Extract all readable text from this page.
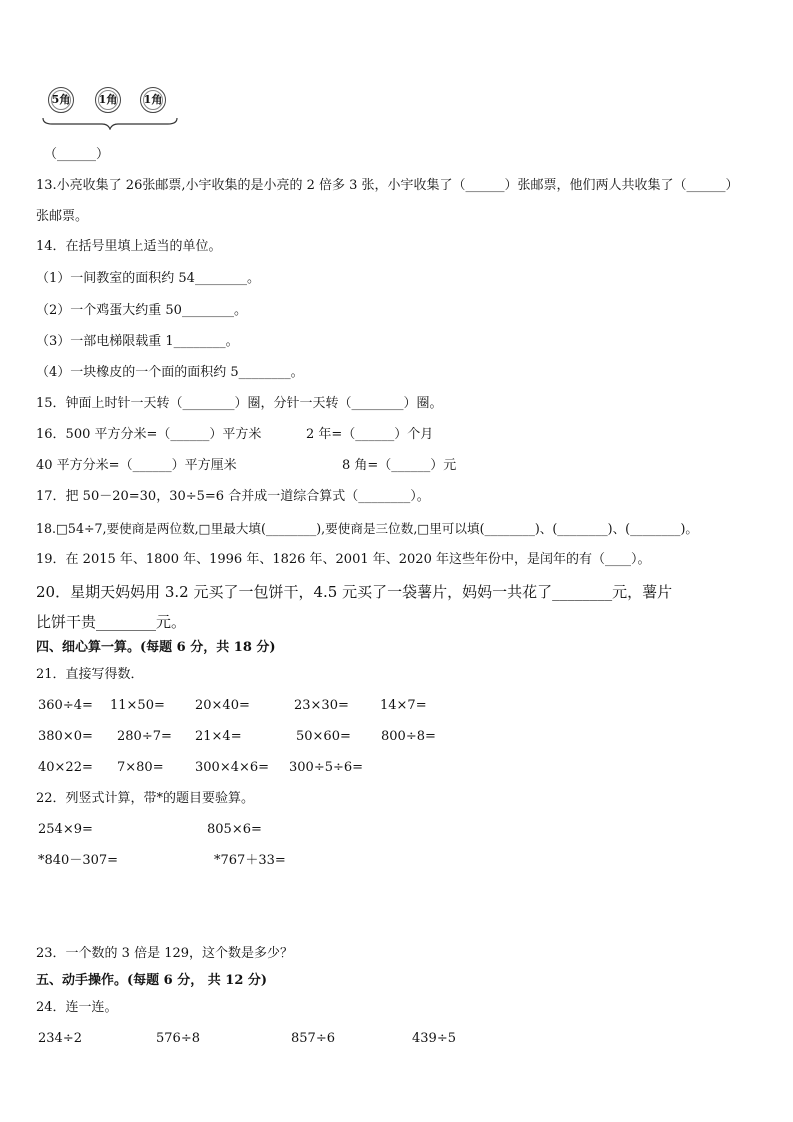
5角	1角	1角
（______）
13.小亮收集了 26张邮票,小宇收集的是小亮的 2 倍多 3 张，小宇收集了（______）张邮票，他们两人共收集了（______）
张邮票。
14．在括号里填上适当的单位。
（1）一间教室的面积约 54________。
（2）一个鸡蛋大约重 50________。
（3）一部电梯限载重 1________。
（4）一块橡皮的一个面的面积约 5________。
15．钟面上时针一天转（________）圈，分针一天转（________）圈。
16．500 平方分米=（______）平方米	2 年=（______）个月
40 平方分米=（______）平方厘米	8 角=（______）元
17．把 50－20=30，30÷5=6 合并成一道综合算式（________）。
18.□54÷7,要使商是两位数,□里最大填(________),要使商是三位数,□里可以填(________)、(________)、(________)。
19．在 2015 年、1800 年、1996 年、1826 年、2001 年、2020 年这些年份中，是闰年的有（____）。
20．星期天妈妈用 3.2 元买了一包饼干，4.5 元买了一袋薯片，妈妈一共花了________元，薯片
比饼干贵________元。
四、细心算一算。(每题 6 分，共 18 分)
21．直接写得数．
360÷4= 11×50= 20×40=	23×30= 14×7=
380×0= 280÷7= 21×4=	50×60= 800÷8=
40×22= 7×80= 300×4×6= 300÷5÷6=
22．列竖式计算，带*的题目要验算。
254×9=	805×6=
*840－307=	*767＋33=
23．一个数的 3 倍是 129，这个数是多少？
五、动手操作。(每题 6 分， 共 12 分)
24．连一连。
234÷2	576÷8	857÷6	439÷5
